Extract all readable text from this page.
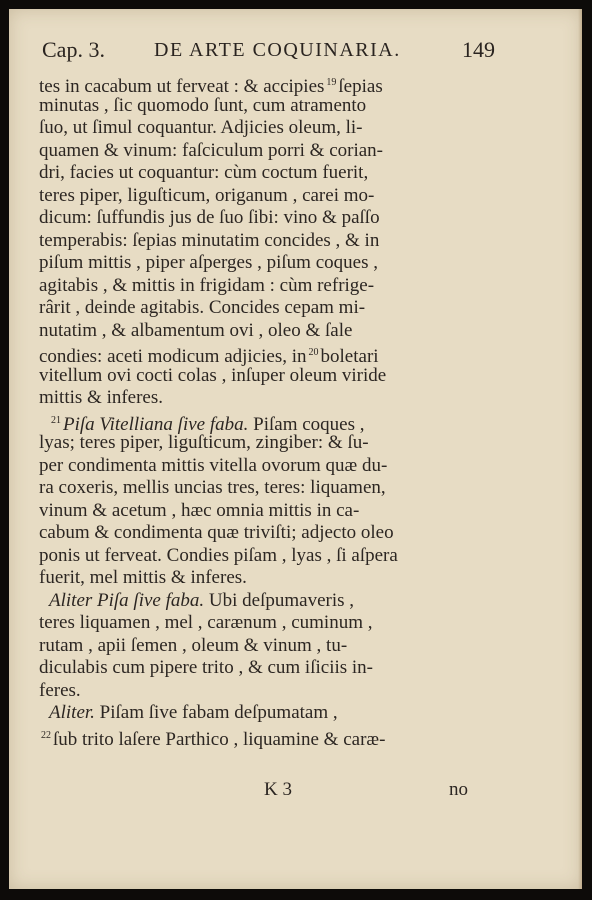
Cap. 3. DE ARTE COQUINARIA.	149
tes in cacabum ut ferveat : & accipies $^{19}$ ſepias
minutas , ſic quomodo ſunt, cum atramento
ſuo, ut ſimul coquantur. Adjicies oleum, li-
quamen & vinum: faſciculum porri & corian-
dri, facies ut coquantur: cùm coctum fuerit,
teres piper, liguſticum, origanum , carei mo-
dicum: ſuffundis jus de ſuo ſibi: vino & paſſo
temperabis: ſepias minutatim concides , & in
piſum mittis , piper aſperges , piſum coques ,
agitabis , & mittis in frigidam : cùm refrige-
rârit , deinde agitabis. Concides cepam mi-
nutatim , & albamentum ovi , oleo & ſale
condies: aceti modicum adjicies, in $^{20}$ boletari
vitellum ovi cocti colas , inſuper oleum viride
mittis & inferes.
$^{21}$ Piſa Vitelliana ſive faba. Piſam coques ,
lyas; teres piper, liguſticum, zingiber: & ſu-
per condimenta mittis vitella ovorum quæ du-
ra coxeris, mellis uncias tres, teres: liquamen,
vinum & acetum , hæc omnia mittis in ca-
cabum & condimenta quæ triviſti; adjecto oleo
ponis ut ferveat. Condies piſam , lyas , ſi aſpera
fuerit, mel mittis & inferes.
Aliter Piſa ſive faba. Ubi deſpumaveris ,
teres liquamen , mel , carænum , cuminum ,
rutam , apii ſemen , oleum & vinum , tu-
diculabis cum pipere trito , & cum iſiciis in-
feres.
Aliter. Piſam ſive fabam deſpumatam ,
$^{22}$ ſub trito laſere Parthico , liquamine & caræ-
K 3	no
